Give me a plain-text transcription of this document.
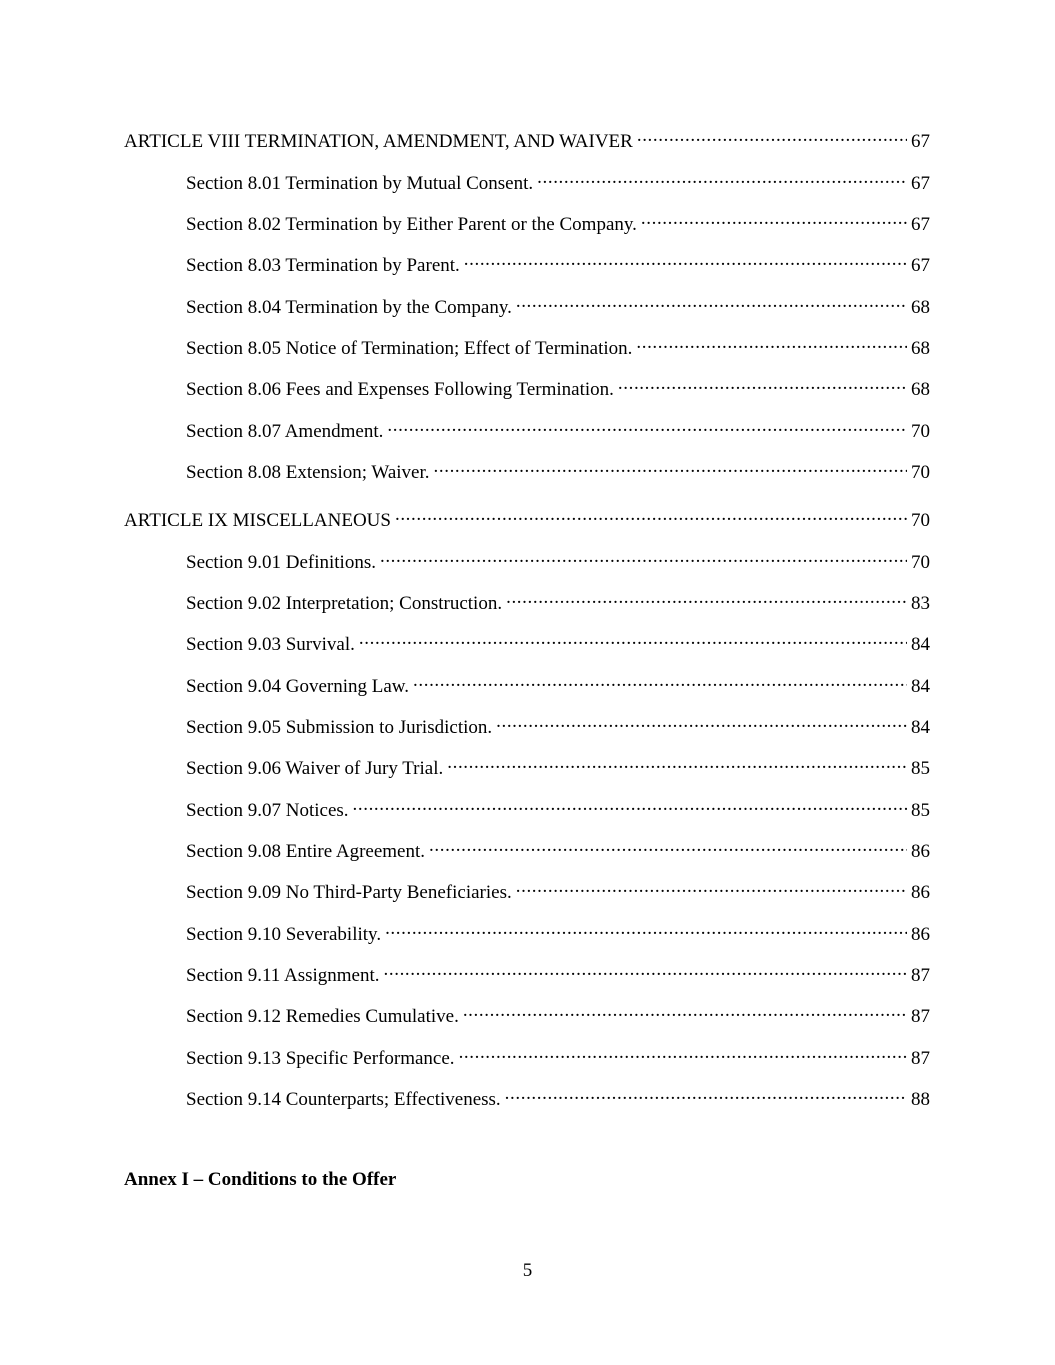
ARTICLE VIII TERMINATION, AMENDMENT, AND WAIVER .....	67
Section 8.01 Termination by Mutual Consent. .....	67
Section 8.02 Termination by Either Parent or the Company. .....	67
Section 8.03 Termination by Parent. .....	67
Section 8.04 Termination by the Company. .....	68
Section 8.05 Notice of Termination; Effect of Termination. .....	68
Section 8.06 Fees and Expenses Following Termination. .....	68
Section 8.07 Amendment. .....	70
Section 8.08 Extension; Waiver. .....	70
ARTICLE IX MISCELLANEOUS .....	70
Section 9.01 Definitions. .....	70
Section 9.02 Interpretation; Construction. .....	83
Section 9.03 Survival. .....	84
Section 9.04 Governing Law. .....	84
Section 9.05 Submission to Jurisdiction. .....	84
Section 9.06 Waiver of Jury Trial. .....	85
Section 9.07 Notices. .....	85
Section 9.08 Entire Agreement. .....	86
Section 9.09 No Third-Party Beneficiaries. .....	86
Section 9.10 Severability. .....	86
Section 9.11 Assignment. .....	87
Section 9.12 Remedies Cumulative. .....	87
Section 9.13 Specific Performance. .....	87
Section 9.14 Counterparts; Effectiveness. .....	88
Annex I – Conditions to the Offer
5
